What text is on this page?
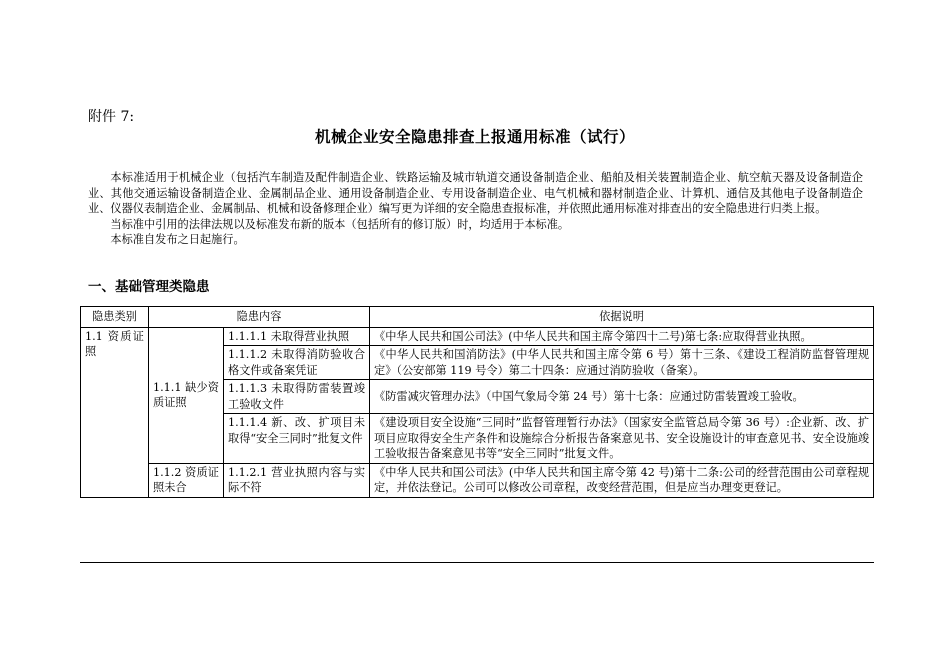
附件 7:
机械企业安全隐患排查上报通用标准（试行）

本标准适用于机械企业（包括汽车制造及配件制造企业、铁路运输及城市轨道交通设备制造企业、船舶及相关装置制造企业、航空航天器及设备制造企业、其他交通运输设备制造企业、金属制品企业、通用设备制造企业、专用设备制造企业、电气机械和器材制造企业、计算机、通信及其他电子设备制造企业、仪器仪表制造企业、金属制品、机械和设备修理企业）编写更为详细的安全隐患查报标准，并依照此通用标准对排查出的安全隐患进行归类上报。

当标准中引用的法律法规以及标准发布新的版本（包括所有的修订版）时，均适用于本标准。

本标准自发布之日起施行。

一、基础管理类隐患
隐患类别	隐患内容		依据说明
1.1 资质证照	1.1.1 缺少资质证照	1.1.1.1 未取得营业执照	《中华人民共和国公司法》(中华人民共和国主席令第四十二号)第七条:应取得营业执照。
		1.1.1.2 未取得消防验收合格文件或备案凭证	《中华人民共和国消防法》(中华人民共和国主席令第 6 号）第十三条、《建设工程消防监督管理规定》（公安部第 119 号令）第二十四条：应通过消防验收（备案）。
		1.1.1.3 未取得防雷装置竣工验收文件	《防雷减灾管理办法》（中国气象局令第 24 号）第十七条：应通过防雷装置竣工验收。
		1.1.1.4 新、改、扩项目未取得“安全三同时”批复文件	《建设项目安全设施“三同时”监督管理暂行办法》（国家安全监管总局令第 36 号）:企业新、改、扩项目应取得安全生产条件和设施综合分析报告备案意见书、安全设施设计的审查意见书、安全设施竣工验收报告备案意见书等“安全三同时”批复文件。
	1.1.2 资质证照未合	1.1.2.1 营业执照内容与实际不符	《中华人民共和国公司法》(中华人民共和国主席令第 42 号)第十二条:公司的经营范围由公司章程规定，并依法登记。公司可以修改公司章程，改变经营范围，但是应当办理变更登记。
